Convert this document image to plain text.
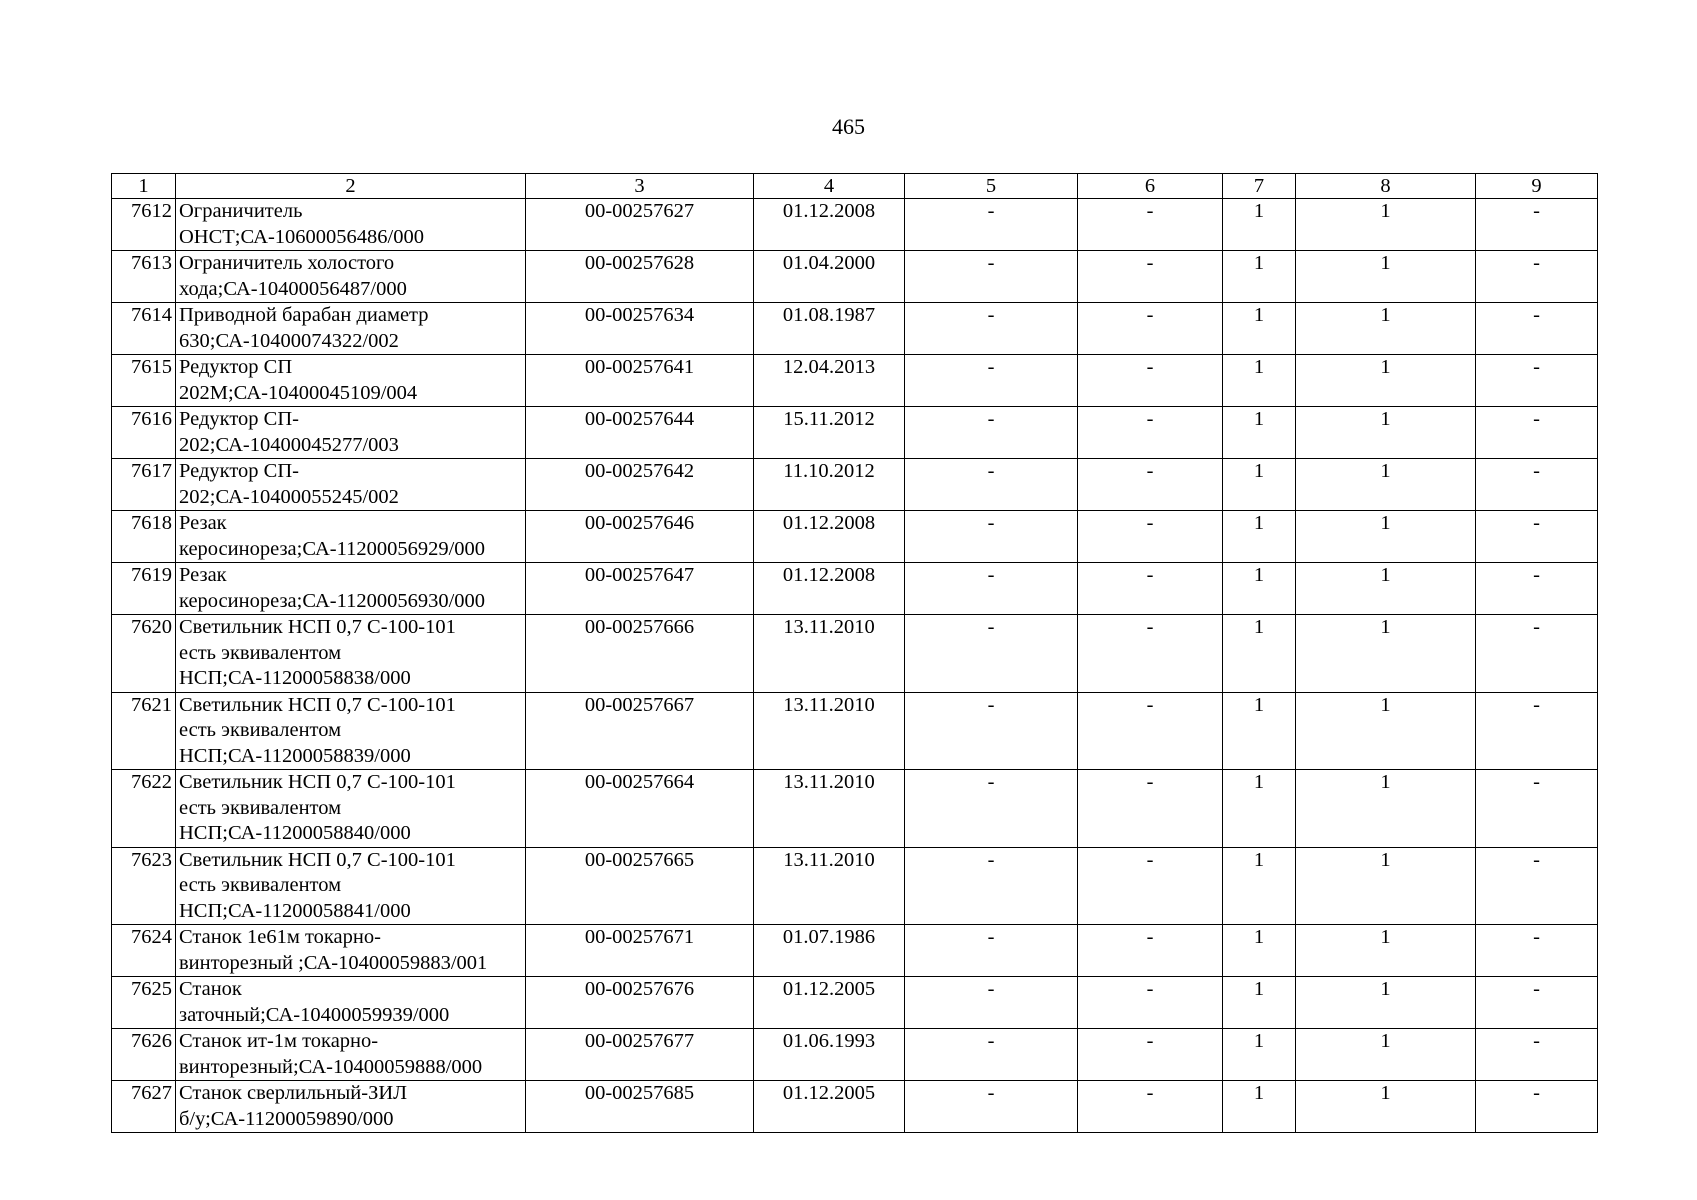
465
1	2	3	4	5	6	7	8	9
7612	Ограничитель
ОНСТ;СА-10600056486/000	00-00257627	01.12.2008	-	-	1	1	-
7613	Ограничитель холостого
хода;СА-10400056487/000	00-00257628	01.04.2000	-	-	1	1	-
7614	Приводной барабан диаметр
630;СА-10400074322/002	00-00257634	01.08.1987	-	-	1	1	-
7615	Редуктор СП
202М;СА-10400045109/004	00-00257641	12.04.2013	-	-	1	1	-
7616	Редуктор СП-
202;СА-10400045277/003	00-00257644	15.11.2012	-	-	1	1	-
7617	Редуктор СП-
202;СА-10400055245/002	00-00257642	11.10.2012	-	-	1	1	-
7618	Резак
керосинореза;СА-11200056929/000	00-00257646	01.12.2008	-	-	1	1	-
7619	Резак
керосинореза;СА-11200056930/000	00-00257647	01.12.2008	-	-	1	1	-
7620	Светильник НСП 0,7 С-100-101
есть эквивалентом
НСП;СА-11200058838/000	00-00257666	13.11.2010	-	-	1	1	-
7621	Светильник НСП 0,7 С-100-101
есть эквивалентом
НСП;СА-11200058839/000	00-00257667	13.11.2010	-	-	1	1	-
7622	Светильник НСП 0,7 С-100-101
есть эквивалентом
НСП;СА-11200058840/000	00-00257664	13.11.2010	-	-	1	1	-
7623	Светильник НСП 0,7 С-100-101
есть эквивалентом
НСП;СА-11200058841/000	00-00257665	13.11.2010	-	-	1	1	-
7624	Станок 1е61м токарно-
винторезный ;СА-10400059883/001	00-00257671	01.07.1986	-	-	1	1	-
7625	Станок
заточный;СА-10400059939/000	00-00257676	01.12.2005	-	-	1	1	-
7626	Станок ит-1м токарно-
винторезный;СА-10400059888/000	00-00257677	01.06.1993	-	-	1	1	-
7627	Станок сверлильный-ЗИЛ
б/у;СА-11200059890/000	00-00257685	01.12.2005	-	-	1	1	-
